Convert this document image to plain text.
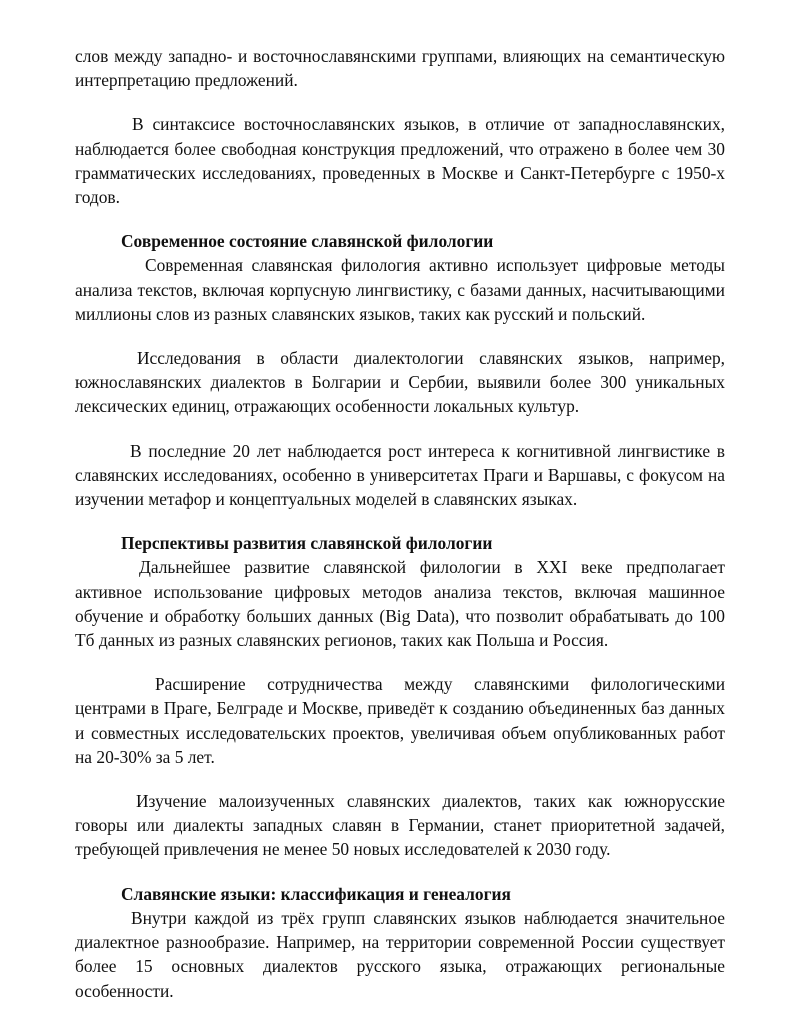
слов между западно- и восточнославянскими группами, влияющих на семантическую интерпретацию предложений.

В синтаксисе восточнославянских языков, в отличие от западнославянских, наблюдается более свободная конструкция предложений, что отражено в более чем 30 грамматических исследованиях, проведенных в Москве и Санкт-Петербурге с 1950-х годов.

Современное состояние славянской филологии

Современная славянская филология активно использует цифровые методы анализа текстов, включая корпусную лингвистику, с базами данных, насчитывающими миллионы слов из разных славянских языков, таких как русский и польский.

Исследования в области диалектологии славянских языков, например, южнославянских диалектов в Болгарии и Сербии, выявили более 300 уникальных лексических единиц, отражающих особенности локальных культур.

В последние 20 лет наблюдается рост интереса к когнитивной лингвистике в славянских исследованиях, особенно в университетах Праги и Варшавы, с фокусом на изучении метафор и концептуальных моделей в славянских языках.

Перспективы развития славянской филологии

Дальнейшее развитие славянской филологии в XXI веке предполагает активное использование цифровых методов анализа текстов, включая машинное обучение и обработку больших данных (Big Data), что позволит обрабатывать до 100 Тб данных из разных славянских регионов, таких как Польша и Россия.

Расширение сотрудничества между славянскими филологическими центрами в Праге, Белграде и Москве, приведёт к созданию объединенных баз данных и совместных исследовательских проектов, увеличивая объем опубликованных работ на 20-30% за 5 лет.

Изучение малоизученных славянских диалектов, таких как южнорусские говоры или диалекты западных славян в Германии, станет приоритетной задачей, требующей привлечения не менее 50 новых исследователей к 2030 году.

Славянские языки: классификация и генеалогия

Внутри каждой из трёх групп славянских языков наблюдается значительное диалектное разнообразие. Например, на территории современной России существует более 15 основных диалектов русского языка, отражающих региональные особенности.
